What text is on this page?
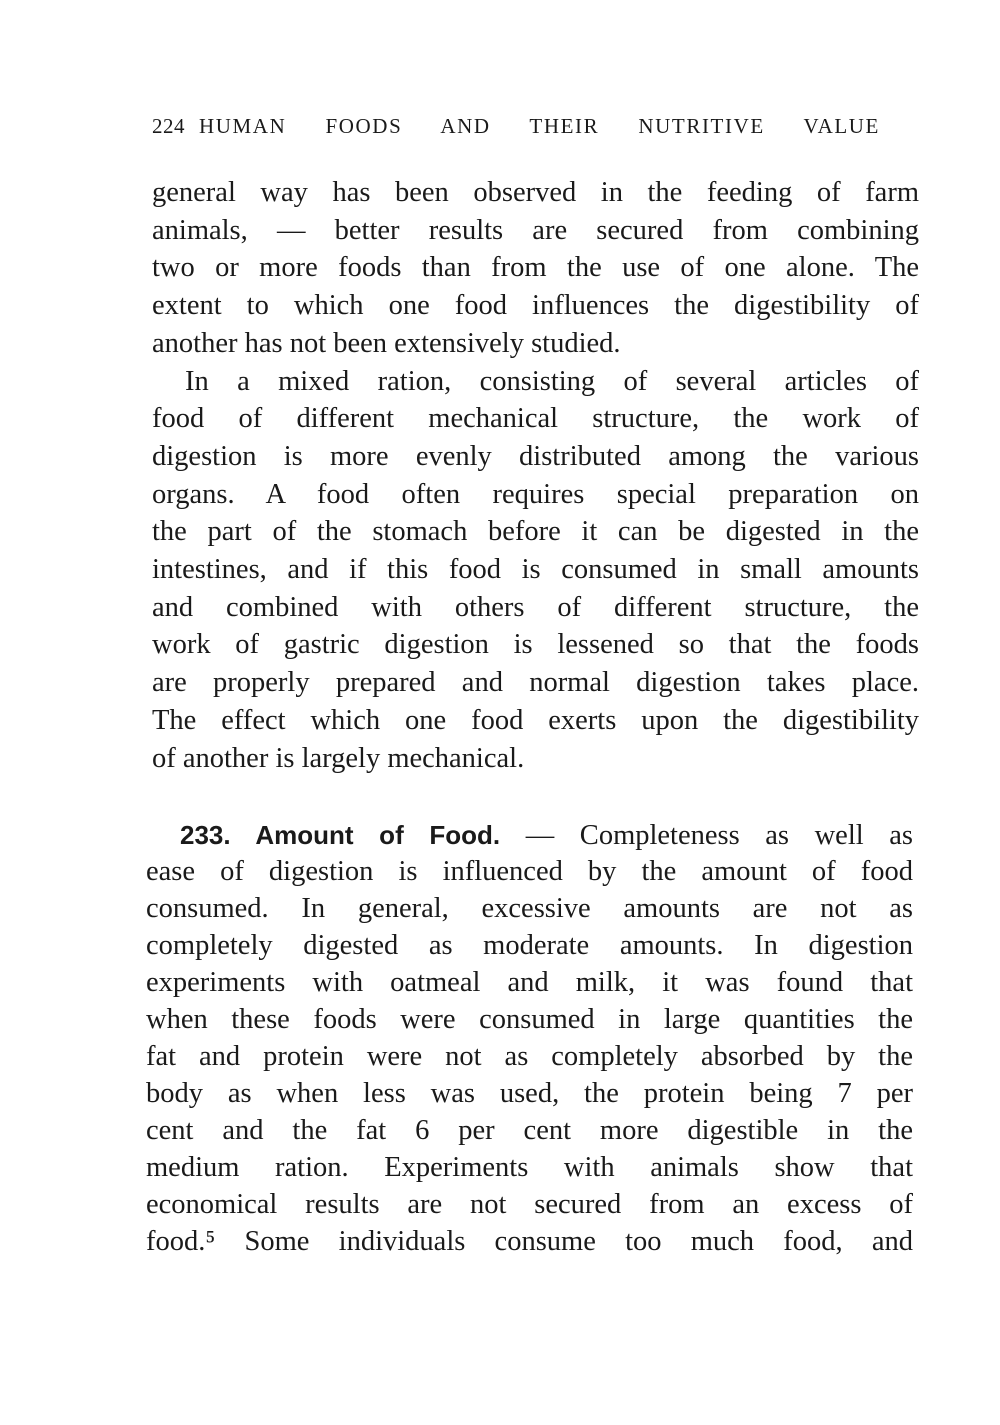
224 HUMAN FOODS AND THEIR NUTRITIVE VALUE
general way has been observed in the feeding of farm
animals, — better results are secured from combining
two or more foods than from the use of one alone. The
extent to which one food influences the digestibility of
another has not been extensively studied.
In a mixed ration, consisting of several articles of
food of different mechanical structure, the work of
digestion is more evenly distributed among the various
organs. A food often requires special preparation on
the part of the stomach before it can be digested in the
intestines, and if this food is consumed in small amounts
and combined with others of different structure, the
work of gastric digestion is lessened so that the foods
are properly prepared and normal digestion takes place.
The effect which one food exerts upon the digestibility
of another is largely mechanical.
233. Amount of Food. — Completeness as well as
ease of digestion is influenced by the amount of food
consumed. In general, excessive amounts are not as
completely digested as moderate amounts. In digestion
experiments with oatmeal and milk, it was found that
when these foods were consumed in large quantities the
fat and protein were not as completely absorbed by the
body as when less was used, the protein being 7 per
cent and the fat 6 per cent more digestible in the
medium ration. Experiments with animals show that
economical results are not secured from an excess of
food.⁵ Some individuals consume too much food, and
